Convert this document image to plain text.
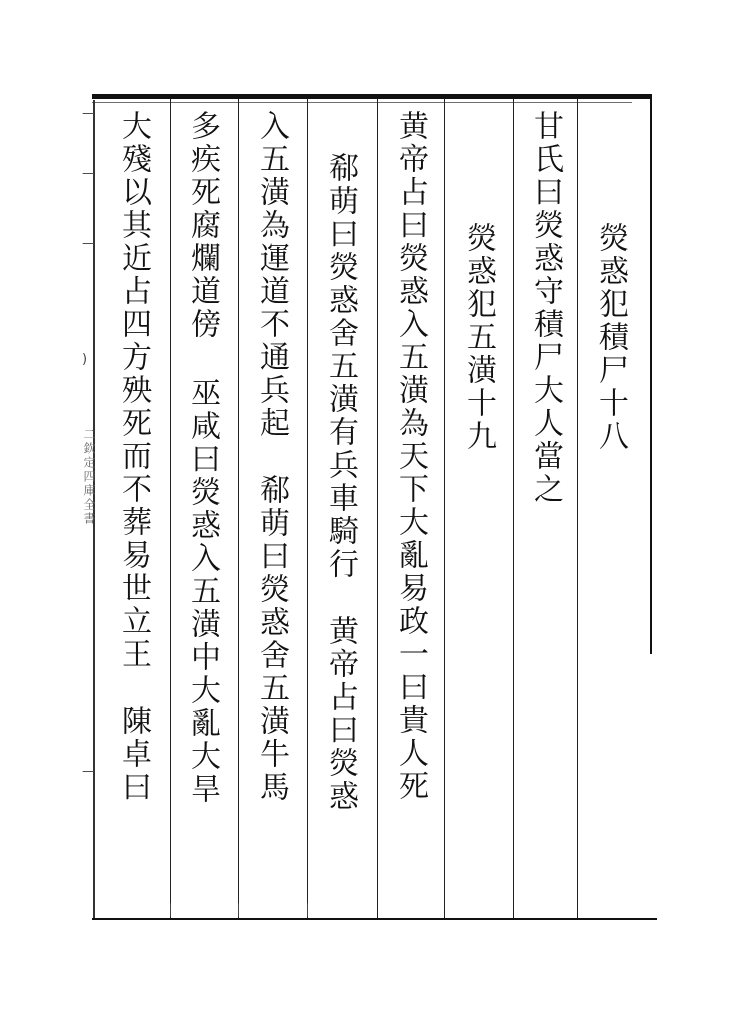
—
—
—
)
—
二欽定四庫全書
熒惑犯積尸十八
甘氏曰熒惑守積尸大人當之
熒惑犯五潢十九
黄帝占曰熒惑入五潢為天下大亂易政一曰貴人死
郗萌曰熒惑舍五潢有兵車騎行黄帝占曰熒惑
入五潢為運道不通兵起郗萌曰熒惑舍五潢牛馬
多疾死腐爛道傍巫咸曰熒惑入五潢中大亂大旱
大殘以其近占四方殃死而不葬易世立王陳卓曰
